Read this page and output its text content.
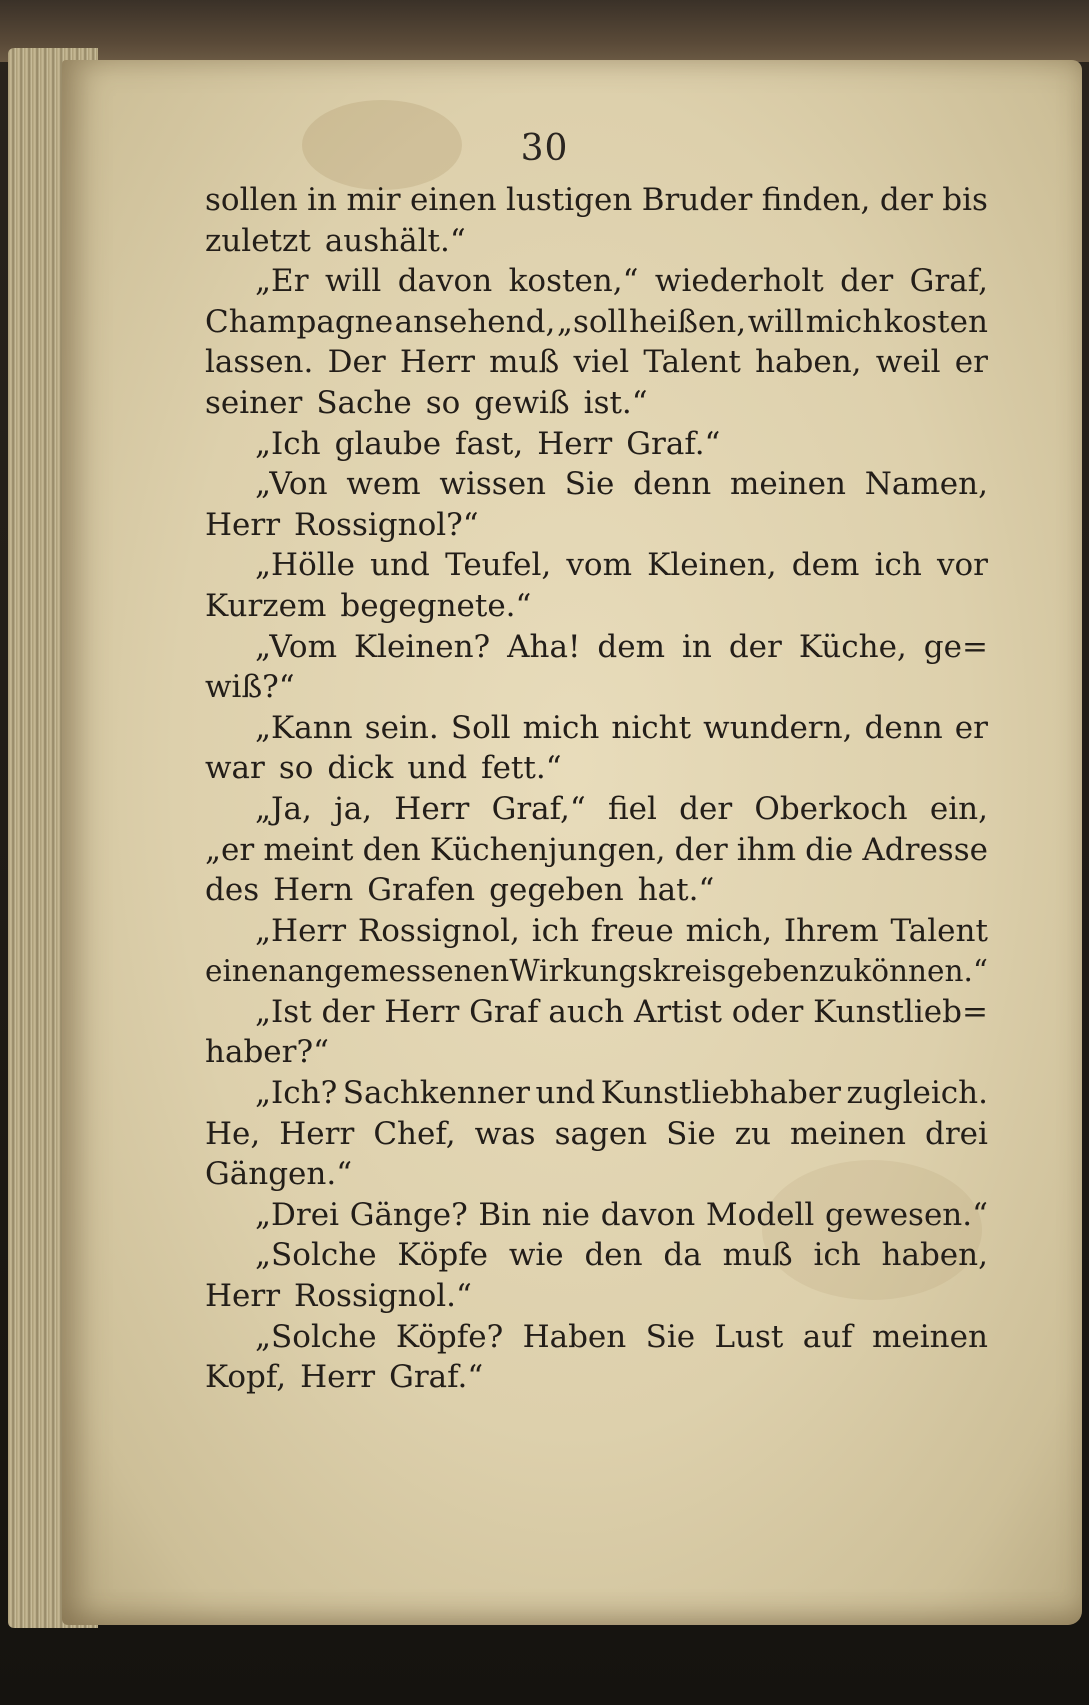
30
sollen in mir einen lustigen Bruder finden, der bis
zuletzt aushält.“
„Er will davon kosten,“ wiederholt der Graf,
Champagne ansehend, „soll heißen, will mich kosten
lassen. Der Herr muß viel Talent haben, weil er
seiner Sache so gewiß ist.“
„Ich glaube fast, Herr Graf.“
„Von wem wissen Sie denn meinen Namen,
Herr Rossignol?“
„Hölle und Teufel, vom Kleinen, dem ich vor
Kurzem begegnete.“
„Vom Kleinen? Aha! dem in der Küche, ge=
wiß?“
„Kann sein. Soll mich nicht wundern, denn er
war so dick und fett.“
„Ja, ja, Herr Graf,“ fiel der Oberkoch ein,
„er meint den Küchenjungen, der ihm die Adresse
des Hern Grafen gegeben hat.“
„Herr Rossignol, ich freue mich, Ihrem Talent
einen angemessenen Wirkungskreis geben zu können.“
„Ist der Herr Graf auch Artist oder Kunstlieb=
haber?“
„Ich? Sachkenner und Kunstliebhaber zugleich.
He, Herr Chef, was sagen Sie zu meinen drei
Gängen.“
„Drei Gänge? Bin nie davon Modell gewesen.“
„Solche Köpfe wie den da muß ich haben,
Herr Rossignol.“
„Solche Köpfe? Haben Sie Lust auf meinen
Kopf, Herr Graf.“
